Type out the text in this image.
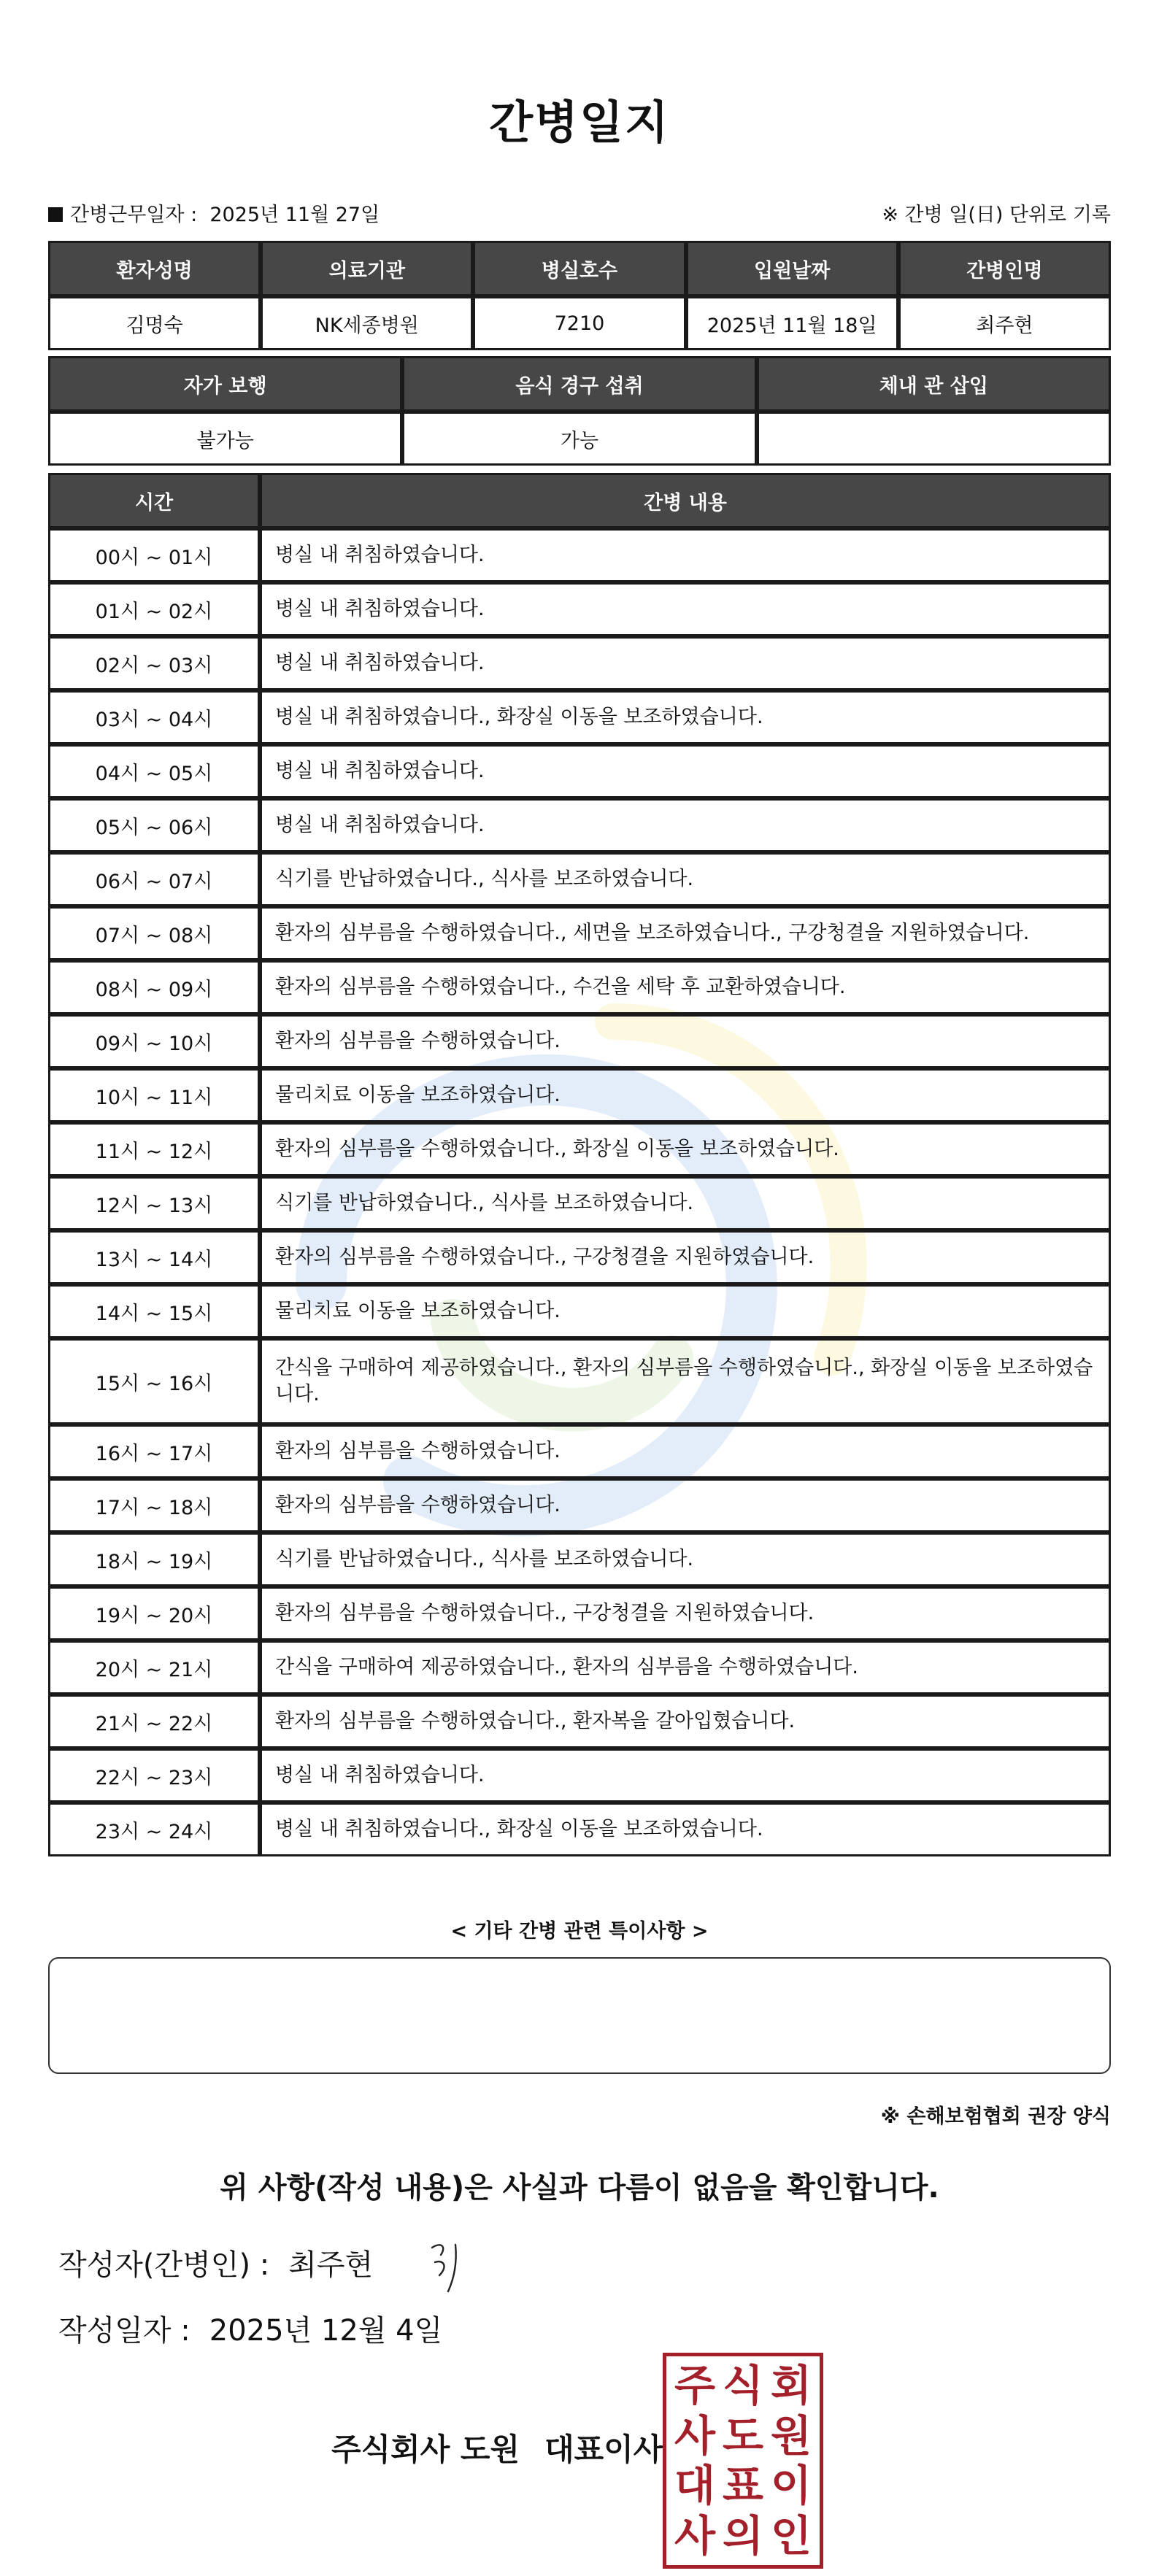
간병일지
간병근무일자 : 2025년 11월 27일	※ 간병 일(日) 단위로 기록
환자성명	의료기관	병실호수	입원날짜	간병인명
김명숙	NK세종병원	7210	2025년 11월 18일	최주현
자가 보행	음식 경구 섭취	체내 관 삽입
불가능	가능	
시간	간병 내용
00시 ~ 01시	병실 내 취침하였습니다.
01시 ~ 02시	병실 내 취침하였습니다.
02시 ~ 03시	병실 내 취침하였습니다.
03시 ~ 04시	병실 내 취침하였습니다., 화장실 이동을 보조하였습니다.
04시 ~ 05시	병실 내 취침하였습니다.
05시 ~ 06시	병실 내 취침하였습니다.
06시 ~ 07시	식기를 반납하였습니다., 식사를 보조하였습니다.
07시 ~ 08시	환자의 심부름을 수행하였습니다., 세면을 보조하였습니다., 구강청결을 지원하였습니다.
08시 ~ 09시	환자의 심부름을 수행하였습니다., 수건을 세탁 후 교환하였습니다.
09시 ~ 10시	환자의 심부름을 수행하였습니다.
10시 ~ 11시	물리치료 이동을 보조하였습니다.
11시 ~ 12시	환자의 심부름을 수행하였습니다., 화장실 이동을 보조하였습니다.
12시 ~ 13시	식기를 반납하였습니다., 식사를 보조하였습니다.
13시 ~ 14시	환자의 심부름을 수행하였습니다., 구강청결을 지원하였습니다.
14시 ~ 15시	물리치료 이동을 보조하였습니다.
15시 ~ 16시	간식을 구매하여 제공하였습니다., 환자의 심부름을 수행하였습니다., 화장실 이동을 보조하였습니다.
16시 ~ 17시	환자의 심부름을 수행하였습니다.
17시 ~ 18시	환자의 심부름을 수행하였습니다.
18시 ~ 19시	식기를 반납하였습니다., 식사를 보조하였습니다.
19시 ~ 20시	환자의 심부름을 수행하였습니다., 구강청결을 지원하였습니다.
20시 ~ 21시	간식을 구매하여 제공하였습니다., 환자의 심부름을 수행하였습니다.
21시 ~ 22시	환자의 심부름을 수행하였습니다., 환자복을 갈아입혔습니다.
22시 ~ 23시	병실 내 취침하였습니다.
23시 ~ 24시	병실 내 취침하였습니다., 화장실 이동을 보조하였습니다.
< 기타 간병 관련 특이사항 >
※ 손해보험협회 권장 양식
위 사항(작성 내용)은 사실과 다름이 없음을 확인합니다.
작성자(간병인) : 최주현
작성일자 : 2025년 12월 4일
주식회사 도원 대표이사
주 식 회
사 도 원
대 표 이
사 의 인
